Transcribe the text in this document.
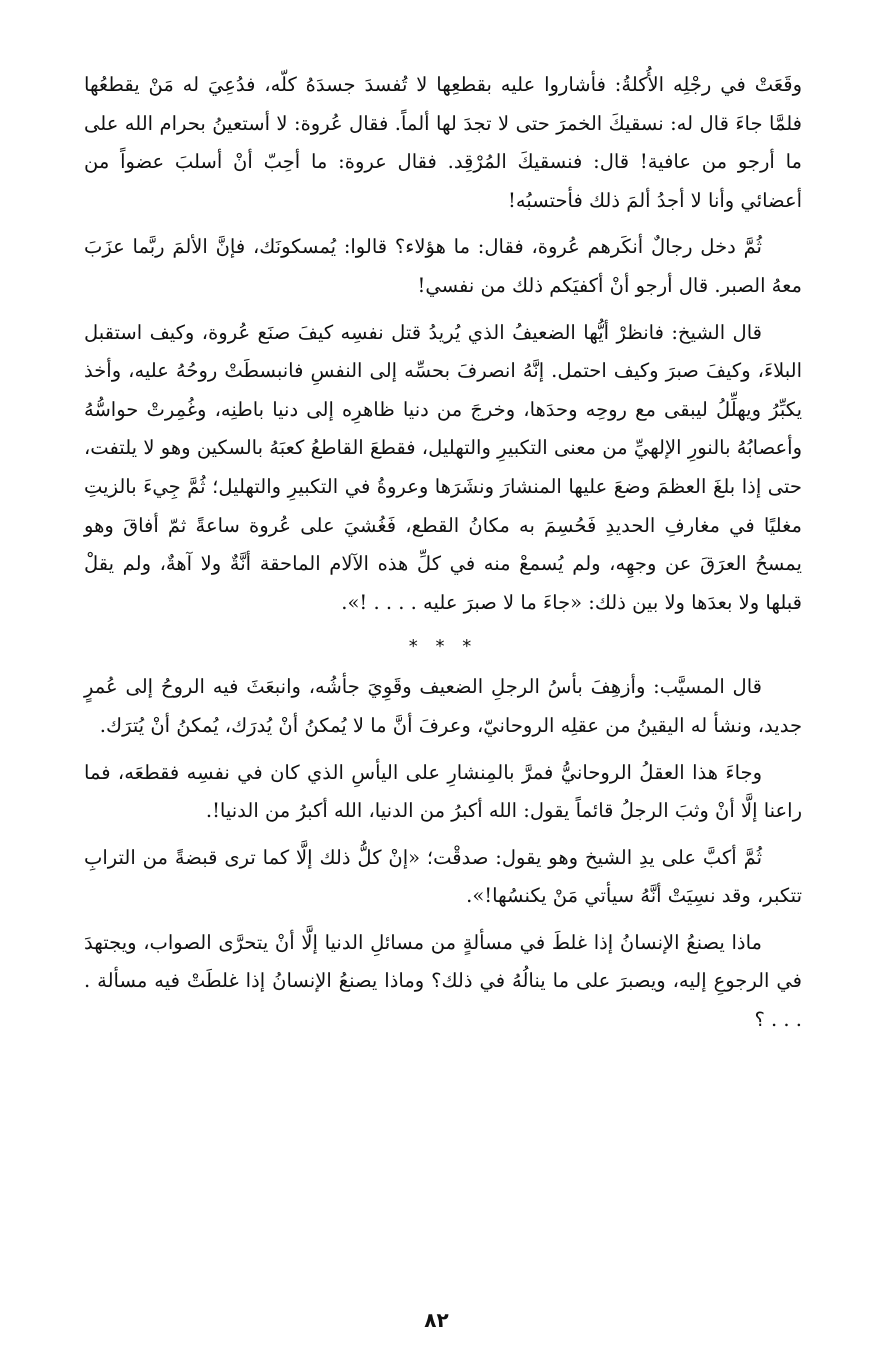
وقَعَتْ في رجْلِه الأُكلةُ: فأشاروا عليه بقطعِها لا تُفسدَ جسدَهُ كلّه، فدُعِيَ له مَنْ يقطعُها فلمَّا جاءَ قال له: نسقيكَ الخمرَ حتى لا تجدَ لها ألماً. فقال عُروة: لا أستعينُ بحرام الله على ما أرجو من عافية! قال: فنسقيكَ المُرْقِد. فقال عروة: ما أحِبّ أنْ أسلبَ عضواً من أعضائي وأنا لا أجدُ ألمَ ذلك فأحتسبُه!

ثُمَّ دخل رجالٌ أنكَرهم عُروة، فقال: ما هؤلاء؟ قالوا: يُمسكونَك، فإنَّ الألمَ ربَّما عزَبَ معهُ الصبر. قال أرجو أنْ أكفيَكم ذلك من نفسي!

قال الشيخ: فانظرْ أيُّها الضعيفُ الذي يُريدُ قتل نفسِه كيفَ صنَع عُروة، وكيف استقبل البلاءَ، وكيفَ صبرَ وكيف احتمل. إنَّهُ انصرفَ بحسِّه إلى النفسِ فانبسطَتْ روحُهُ عليه، وأخذ يكبِّرُ ويهلِّلُ ليبقى مع روحِه وحدَها، وخرجَ من دنيا ظاهرِه إلى دنيا باطنِه، وغُمِرتْ حواسُّهُ وأعصابُهُ بالنورِ الإلهيِّ من معنى التكبيرِ والتهليل، فقطعَ القاطعُ كعبَهُ بالسكين وهو لا يلتفت، حتى إذا بلغَ العظمَ وضعَ عليها المنشارَ ونشَرَها وعروةُ في التكبيرِ والتهليل؛ ثُمَّ جِيءَ بالزيتِ مغليًا في مغارفِ الحديدِ فَحُسِمَ به مكانُ القطع، فَغُشيَ على عُروة ساعةً ثمّ أفاقَ وهو يمسحُ العرَقَ عن وجهِه، ولم يُسمعْ منه في كلِّ هذه الآلام الماحقة أنَّةٌ ولا آهةٌ، ولم يقلْ قبلها ولا بعدَها ولا بين ذلك: «جاءَ ما لا صبرَ عليه . . . . !».

* * *

قال المسيَّب: وأزهِفَ بأسُ الرجلِ الضعيف وقَوِيَ جأشُه، وانبعَثَ فيه الروحُ إلى عُمرٍ جديد، ونشأ له اليقينُ من عقلِه الروحانيّ، وعرفَ أنَّ ما لا يُمكنُ أنْ يُدرَك، يُمكنُ أنْ يُترَك.

وجاءَ هذا العقلُ الروحانيُّ فمرَّ بالمِنشارِ على اليأسِ الذي كان في نفسِه فقطعَه، فما راعنا إلَّا أنْ وثبَ الرجلُ قائماً يقول: الله أكبرُ من الدنيا، الله أكبرُ من الدنيا!.

ثُمَّ أكبَّ على يدِ الشيخ وهو يقول: صدقْت؛ «إنْ كلُّ ذلك إلَّا كما ترى قبضةً من الترابِ تتكبر، وقد نسِيَتْ أنَّهُ سيأتي مَنْ يكنسُها!».

ماذا يصنعُ الإنسانُ إذا غلطَ في مسألةٍ من مسائلِ الدنيا إلَّا أنْ يتحرَّى الصواب، ويجتهدَ في الرجوعِ إليه، ويصبرَ على ما ينالُهُ في ذلك؟ وماذا يصنعُ الإنسانُ إذا غلطَتْ فيه مسألة . . . . ؟

٨٢
